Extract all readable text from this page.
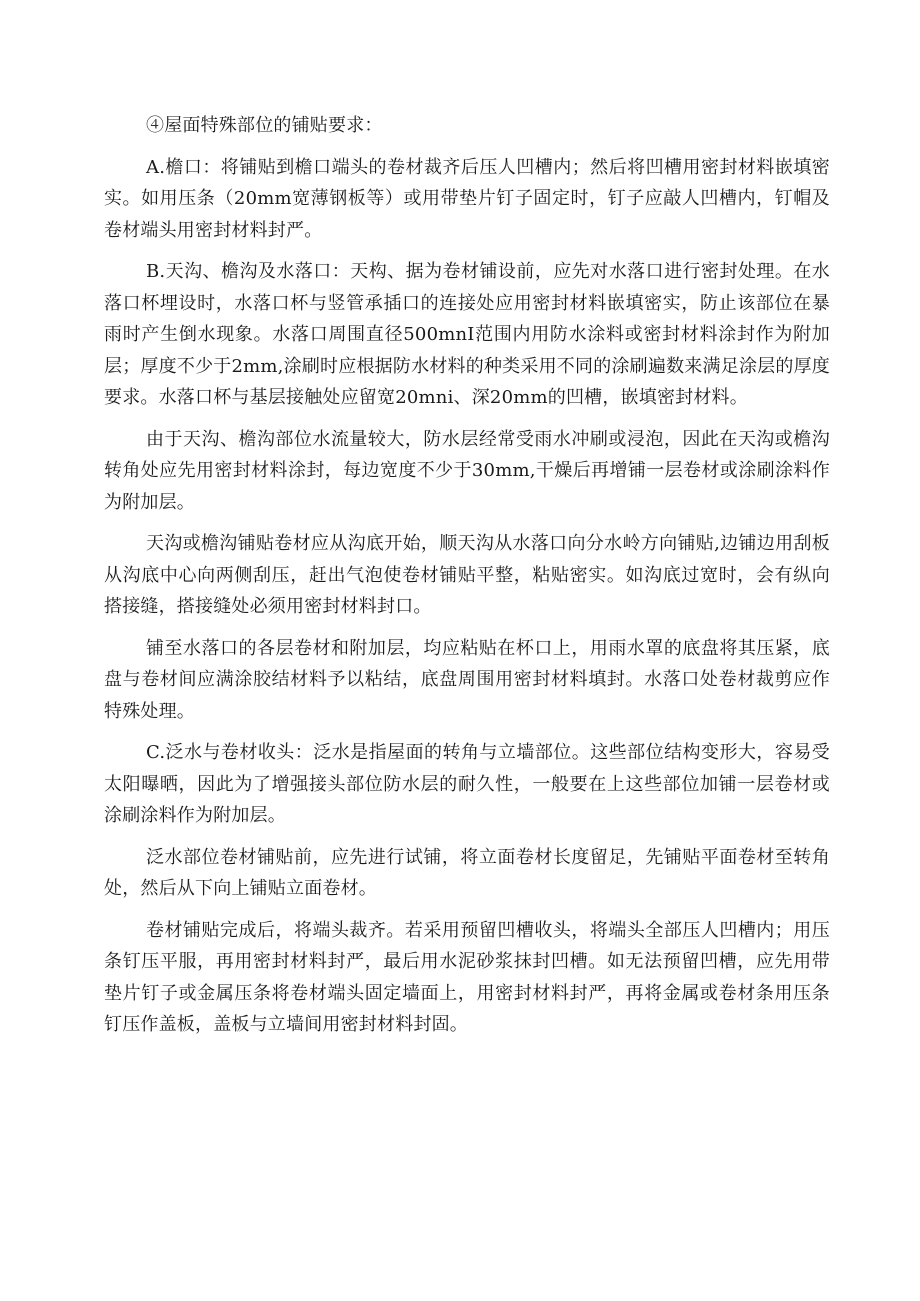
④屋面特殊部位的铺贴要求：

A.檐口：将铺贴到檐口端头的卷材裁齐后压人凹槽内；然后将凹槽用密封材料嵌填密实。如用压条（20mm宽薄钢板等）或用带垫片钉子固定时，钉子应敲人凹槽内，钉帽及卷材端头用密封材料封严。

B.天沟、檐沟及水落口：天构、据为卷材铺设前，应先对水落口进行密封处理。在水落口杯埋设时，水落口杯与竖管承插口的连接处应用密封材料嵌填密实，防止该部位在暴雨时产生倒水现象。水落口周围直径500mnI范围内用防水涂料或密封材料涂封作为附加层；厚度不少于2mm,涂刷时应根据防水材料的种类采用不同的涂刷遍数来满足涂层的厚度要求。水落口杯与基层接触处应留宽20mni、深20mm的凹槽，嵌填密封材料。

由于天沟、檐沟部位水流量较大，防水层经常受雨水冲刷或浸泡，因此在天沟或檐沟转角处应先用密封材料涂封，每边宽度不少于30mm,干燥后再增铺一层卷材或涂刷涂料作为附加层。

天沟或檐沟铺贴卷材应从沟底开始，顺天沟从水落口向分水岭方向铺贴,边铺边用刮板从沟底中心向两侧刮压，赶出气泡使卷材铺贴平整，粘贴密实。如沟底过宽时，会有纵向搭接缝，搭接缝处必须用密封材料封口。

铺至水落口的各层卷材和附加层，均应粘贴在杯口上，用雨水罩的底盘将其压紧，底盘与卷材间应满涂胶结材料予以粘结，底盘周围用密封材料填封。水落口处卷材裁剪应作特殊处理。

C.泛水与卷材收头：泛水是指屋面的转角与立墙部位。这些部位结构变形大，容易受太阳曝晒，因此为了增强接头部位防水层的耐久性，一般要在上这些部位加铺一层卷材或涂刷涂料作为附加层。

泛水部位卷材铺贴前，应先进行试铺，将立面卷材长度留足，先铺贴平面卷材至转角处，然后从下向上铺贴立面卷材。

卷材铺贴完成后，将端头裁齐。若采用预留凹槽收头，将端头全部压人凹槽内；用压条钉压平服，再用密封材料封严，最后用水泥砂浆抹封凹槽。如无法预留凹槽，应先用带垫片钉子或金属压条将卷材端头固定墙面上，用密封材料封严，再将金属或卷材条用压条钉压作盖板，盖板与立墙间用密封材料封固。
